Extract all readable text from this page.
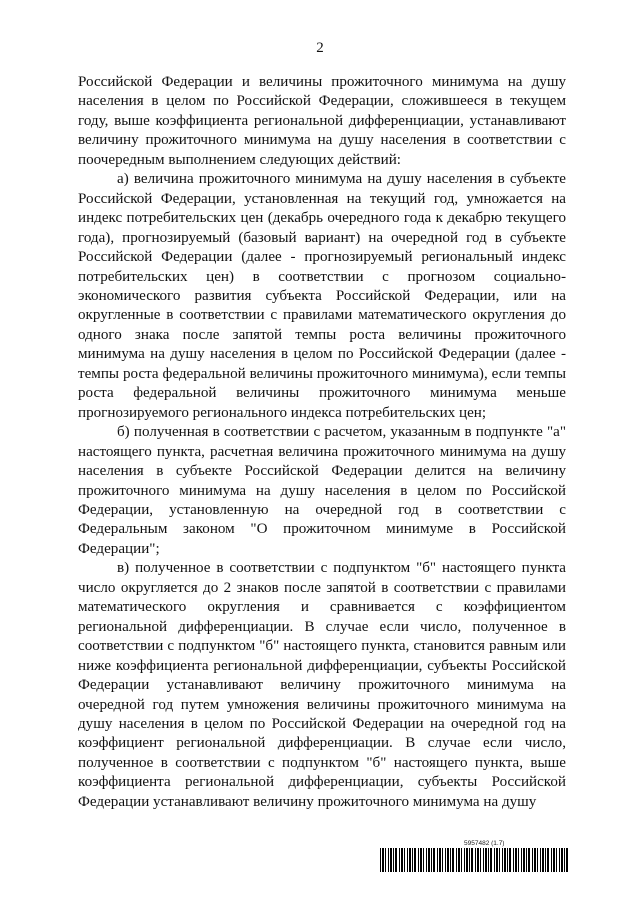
2

Российской Федерации и величины прожиточного минимума на душу населения в целом по Российской Федерации, сложившееся в текущем году, выше коэффициента региональной дифференциации, устанавливают величину прожиточного минимума на душу населения в соответствии с поочередным выполнением следующих действий:

а) величина прожиточного минимума на душу населения в субъекте Российской Федерации, установленная на текущий год, умножается на индекс потребительских цен (декабрь очередного года к декабрю текущего года), прогнозируемый (базовый вариант) на очередной год в субъекте Российской Федерации (далее - прогнозируемый региональный индекс потребительских цен) в соответствии с прогнозом социально-экономического развития субъекта Российской Федерации, или на округленные в соответствии с правилами математического округления до одного знака после запятой темпы роста величины прожиточного минимума на душу населения в целом по Российской Федерации (далее - темпы роста федеральной величины прожиточного минимума), если темпы роста федеральной величины прожиточного минимума меньше прогнозируемого регионального индекса потребительских цен;

б) полученная в соответствии с расчетом, указанным в подпункте "а" настоящего пункта, расчетная величина прожиточного минимума на душу населения в субъекте Российской Федерации делится на величину прожиточного минимума на душу населения в целом по Российской Федерации, установленную на очередной год в соответствии с Федеральным законом "О прожиточном минимуме в Российской Федерации";

в) полученное в соответствии с подпунктом "б" настоящего пункта число округляется до 2 знаков после запятой в соответствии с правилами математического округления и сравнивается с коэффициентом региональной дифференциации. В случае если число, полученное в соответствии с подпунктом "б" настоящего пункта, становится равным или ниже коэффициента региональной дифференциации, субъекты Российской Федерации устанавливают величину прожиточного минимума на очередной год путем умножения величины прожиточного минимума на душу населения в целом по Российской Федерации на очередной год на коэффициент региональной дифференциации. В случае если число, полученное в соответствии с подпунктом "б" настоящего пункта, выше коэффициента региональной дифференциации, субъекты Российской Федерации устанавливают величину прожиточного минимума на душу

5957482 (1.7)
